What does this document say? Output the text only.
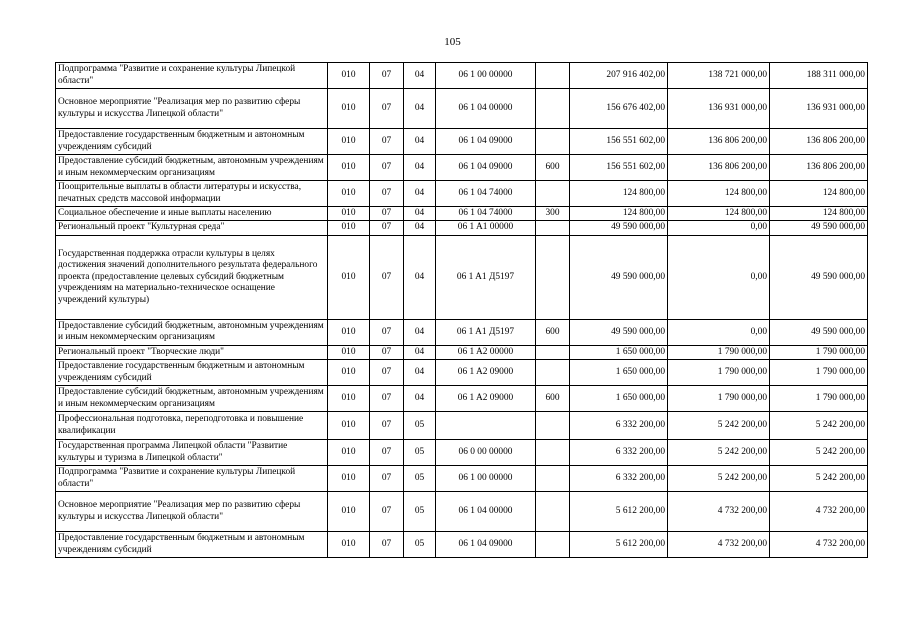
105
Подпрограмма "Развитие и сохранение культуры Липецкой области"	010	07	04	06 1 00 00000		207 916 402,00	138 721 000,00	188 311 000,00
Основное мероприятие "Реализация мер по развитию сферы культуры и искусства Липецкой области"	010	07	04	06 1 04 00000		156 676 402,00	136 931 000,00	136 931 000,00
Предоставление государственным бюджетным и автономным учреждениям субсидий	010	07	04	06 1 04 09000		156 551 602,00	136 806 200,00	136 806 200,00
Предоставление субсидий бюджетным, автономным учреждениям и иным некоммерческим организациям	010	07	04	06 1 04 09000	600	156 551 602,00	136 806 200,00	136 806 200,00
Поощрительные выплаты в области литературы и искусства, печатных средств массовой информации	010	07	04	06 1 04 74000		124 800,00	124 800,00	124 800,00
Социальное обеспечение и иные выплаты населению	010	07	04	06 1 04 74000	300	124 800,00	124 800,00	124 800,00
Региональный проект "Культурная среда"	010	07	04	06 1 A1 00000		49 590 000,00	0,00	49 590 000,00
Государственная поддержка отрасли культуры в целях достижения значений дополнительного результата федерального проекта (предоставление целевых субсидий бюджетным учреждениям на материально-техническое оснащение учреждений культуры)	010	07	04	06 1 A1 Д5197		49 590 000,00	0,00	49 590 000,00
Предоставление субсидий бюджетным, автономным учреждениям и иным некоммерческим организациям	010	07	04	06 1 A1 Д5197	600	49 590 000,00	0,00	49 590 000,00
Региональный проект "Творческие люди"	010	07	04	06 1 A2 00000		1 650 000,00	1 790 000,00	1 790 000,00
Предоставление государственным бюджетным и автономным учреждениям субсидий	010	07	04	06 1 A2 09000		1 650 000,00	1 790 000,00	1 790 000,00
Предоставление субсидий бюджетным, автономным учреждениям и иным некоммерческим организациям	010	07	04	06 1 A2 09000	600	1 650 000,00	1 790 000,00	1 790 000,00
Профессиональная подготовка, переподготовка и повышение квалификации	010	07	05			6 332 200,00	5 242 200,00	5 242 200,00
Государственная программа Липецкой области "Развитие культуры и туризма в Липецкой области"	010	07	05	06 0 00 00000		6 332 200,00	5 242 200,00	5 242 200,00
Подпрограмма "Развитие и сохранение культуры Липецкой области"	010	07	05	06 1 00 00000		6 332 200,00	5 242 200,00	5 242 200,00
Основное мероприятие "Реализация мер по развитию сферы культуры и искусства Липецкой области"	010	07	05	06 1 04 00000		5 612 200,00	4 732 200,00	4 732 200,00
Предоставление государственным бюджетным и автономным учреждениям субсидий	010	07	05	06 1 04 09000		5 612 200,00	4 732 200,00	4 732 200,00
